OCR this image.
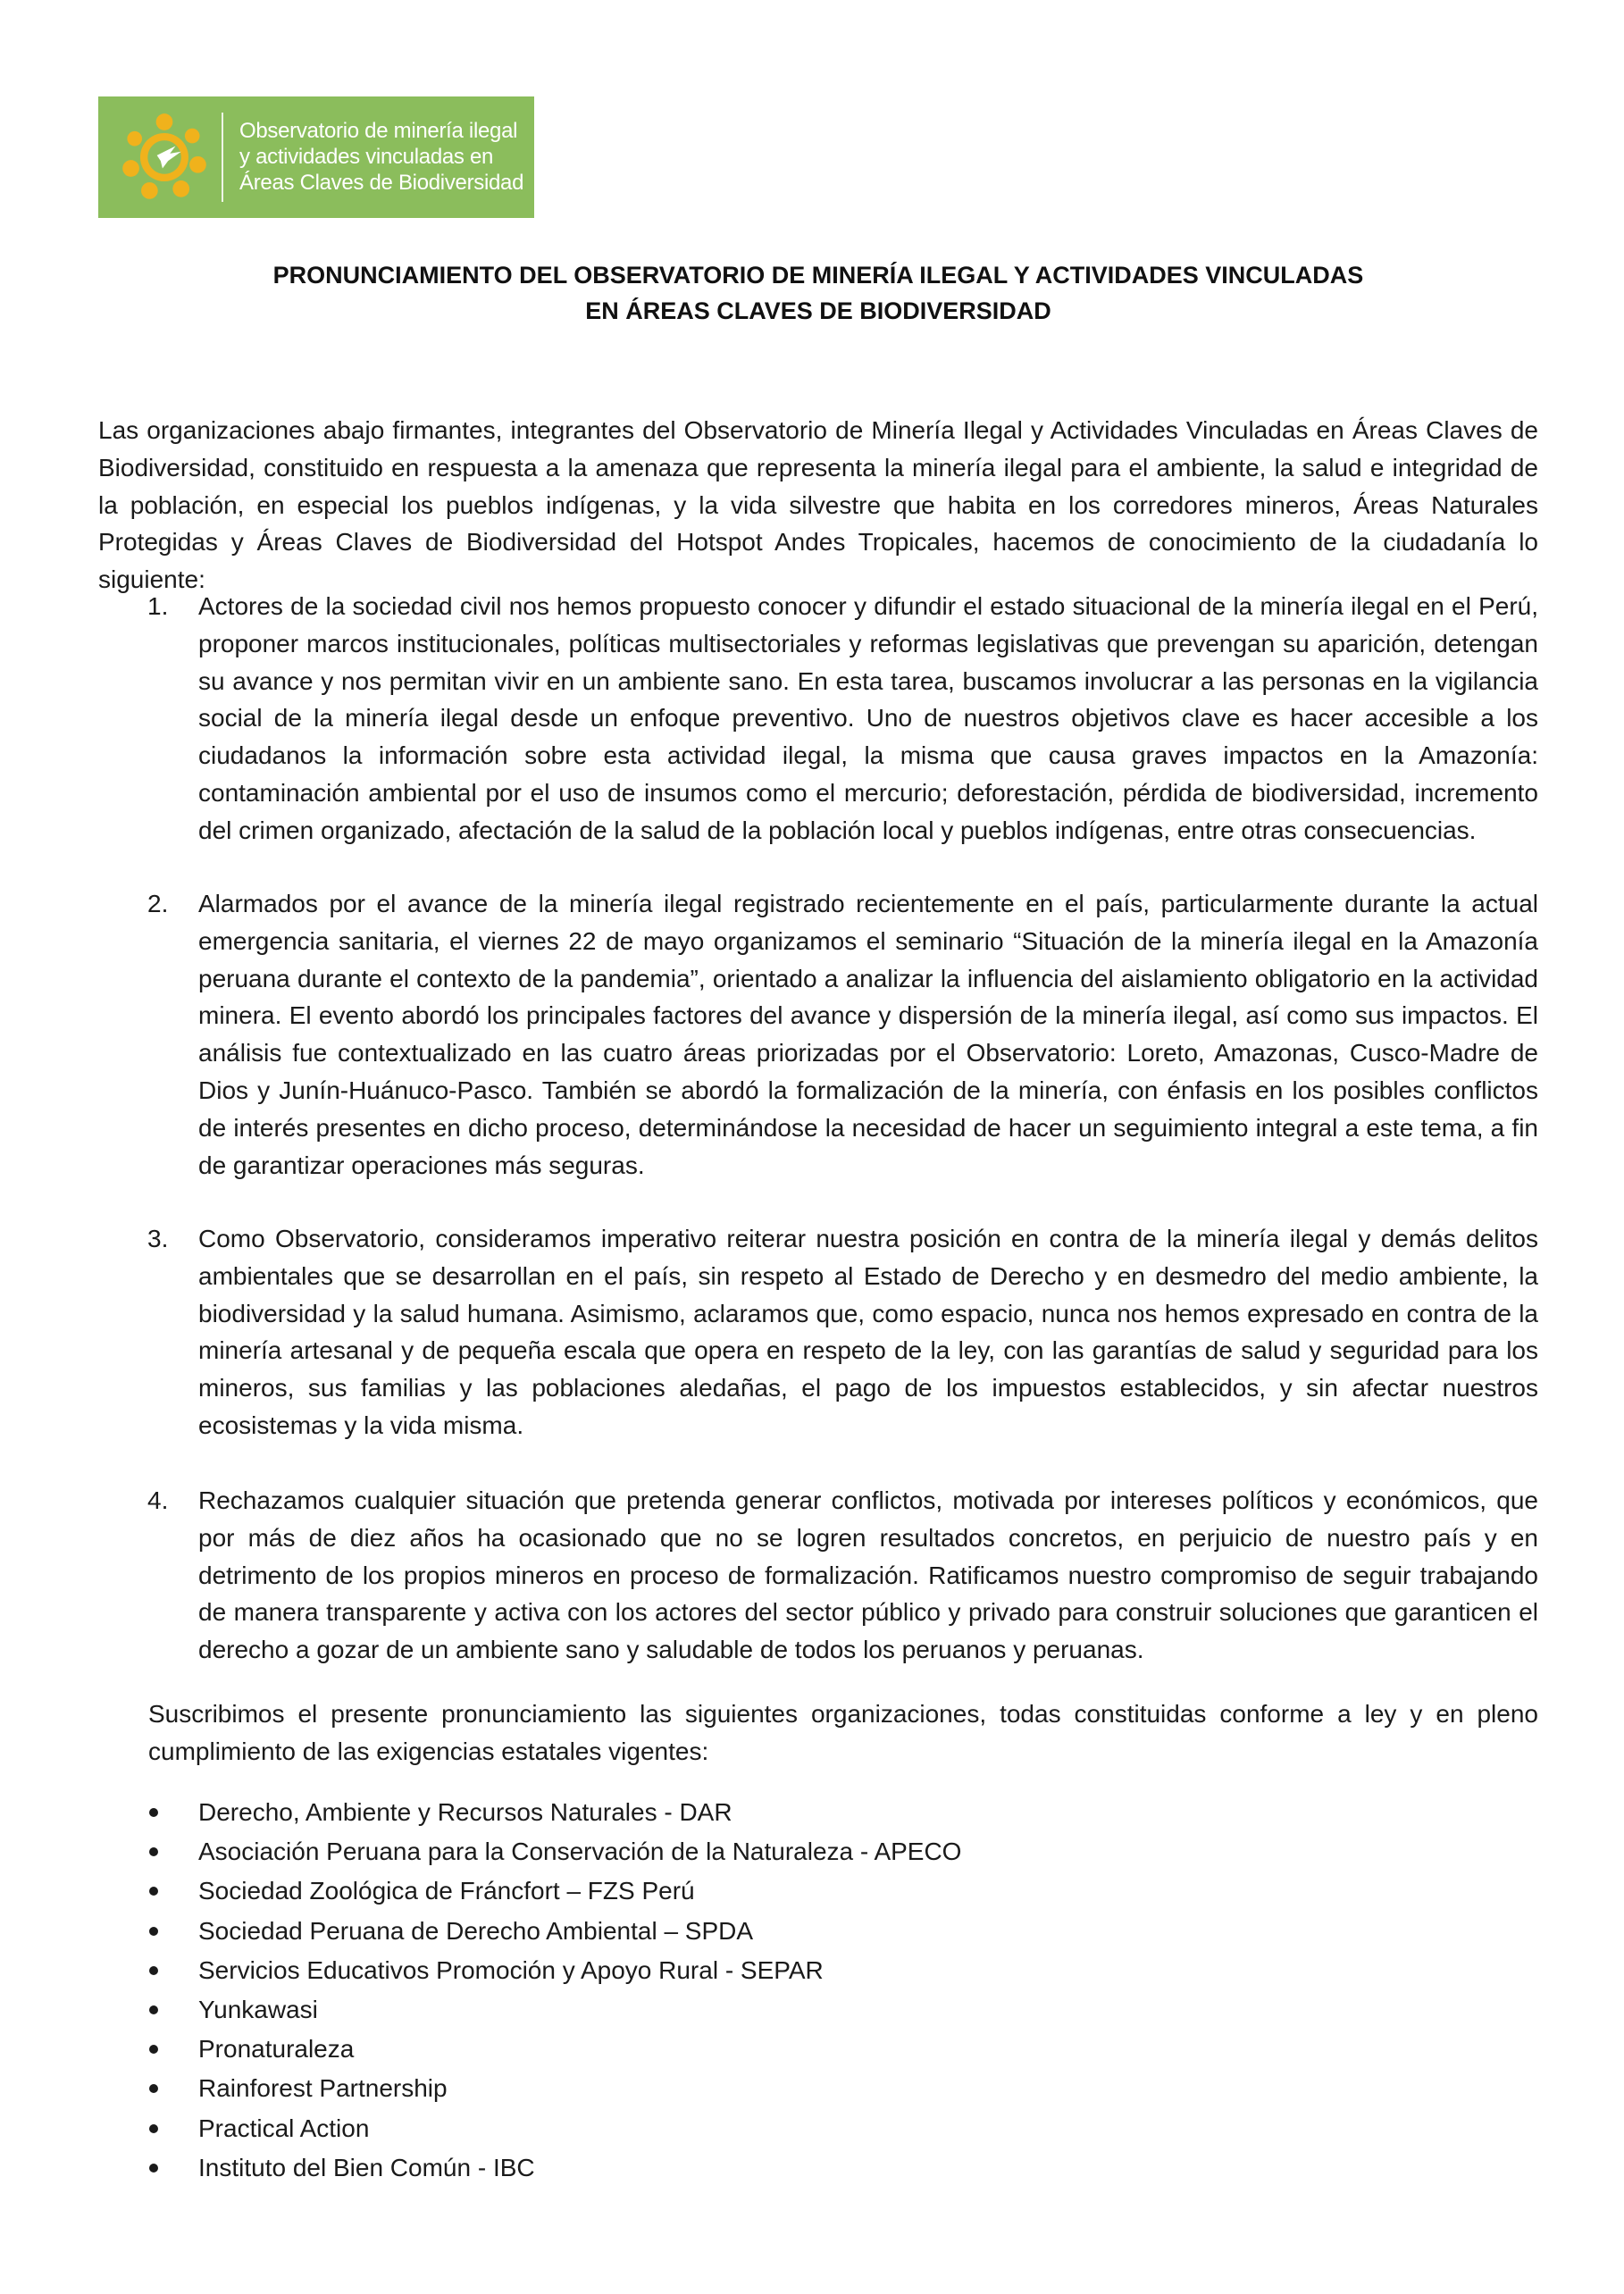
Observatorio de minería ilegal
y actividades vinculadas en
Áreas Claves de Biodiversidad
PRONUNCIAMIENTO DEL OBSERVATORIO DE MINERÍA ILEGAL Y ACTIVIDADES VINCULADAS
EN ÁREAS CLAVES DE BIODIVERSIDAD
Las organizaciones abajo firmantes, integrantes del Observatorio de Minería Ilegal y Actividades Vinculadas en Áreas Claves de Biodiversidad, constituido en respuesta a la amenaza que representa la minería ilegal para el ambiente, la salud e integridad de la población, en especial los pueblos indígenas, y la vida silvestre que habita en los corredores mineros, Áreas Naturales Protegidas y Áreas Claves de Biodiversidad del Hotspot Andes Tropicales, hacemos de conocimiento de la ciudadanía lo siguiente:
1. Actores de la sociedad civil nos hemos propuesto conocer y difundir el estado situacional de la minería ilegal en el Perú, proponer marcos institucionales, políticas multisectoriales y reformas legislativas que prevengan su aparición, detengan su avance y nos permitan vivir en un ambiente sano. En esta tarea, buscamos involucrar a las personas en la vigilancia social de la minería ilegal desde un enfoque preventivo. Uno de nuestros objetivos clave es hacer accesible a los ciudadanos la información sobre esta actividad ilegal, la misma que causa graves impactos en la Amazonía: contaminación ambiental por el uso de insumos como el mercurio; deforestación, pérdida de biodiversidad, incremento del crimen organizado, afectación de la salud de la población local y pueblos indígenas, entre otras consecuencias.
2. Alarmados por el avance de la minería ilegal registrado recientemente en el país, particularmente durante la actual emergencia sanitaria, el viernes 22 de mayo organizamos el seminario “Situación de la minería ilegal en la Amazonía peruana durante el contexto de la pandemia”, orientado a analizar la influencia del aislamiento obligatorio en la actividad minera. El evento abordó los principales factores del avance y dispersión de la minería ilegal, así como sus impactos. El análisis fue contextualizado en las cuatro áreas priorizadas por el Observatorio: Loreto, Amazonas, Cusco-Madre de Dios y Junín-Huánuco-Pasco. También se abordó la formalización de la minería, con énfasis en los posibles conflictos de interés presentes en dicho proceso, determinándose la necesidad de hacer un seguimiento integral a este tema, a fin de garantizar operaciones más seguras.
3. Como Observatorio, consideramos imperativo reiterar nuestra posición en contra de la minería ilegal y demás delitos ambientales que se desarrollan en el país, sin respeto al Estado de Derecho y en desmedro del medio ambiente, la biodiversidad y la salud humana. Asimismo, aclaramos que, como espacio, nunca nos hemos expresado en contra de la minería artesanal y de pequeña escala que opera en respeto de la ley, con las garantías de salud y seguridad para los mineros, sus familias y las poblaciones aledañas, el pago de los impuestos establecidos, y sin afectar nuestros ecosistemas y la vida misma.
4. Rechazamos cualquier situación que pretenda generar conflictos, motivada por intereses políticos y económicos, que por más de diez años ha ocasionado que no se logren resultados concretos, en perjuicio de nuestro país y en detrimento de los propios mineros en proceso de formalización. Ratificamos nuestro compromiso de seguir trabajando de manera transparente y activa con los actores del sector público y privado para construir soluciones que garanticen el derecho a gozar de un ambiente sano y saludable de todos los peruanos y peruanas.
Suscribimos el presente pronunciamiento las siguientes organizaciones, todas constituidas conforme a ley y en pleno cumplimiento de las exigencias estatales vigentes:
Derecho, Ambiente y Recursos Naturales - DAR
Asociación Peruana para la Conservación de la Naturaleza - APECO
Sociedad Zoológica de Fráncfort – FZS Perú
Sociedad Peruana de Derecho Ambiental – SPDA
Servicios Educativos Promoción y Apoyo Rural - SEPAR
Yunkawasi
Pronaturaleza
Rainforest Partnership
Practical Action
Instituto del Bien Común - IBC
